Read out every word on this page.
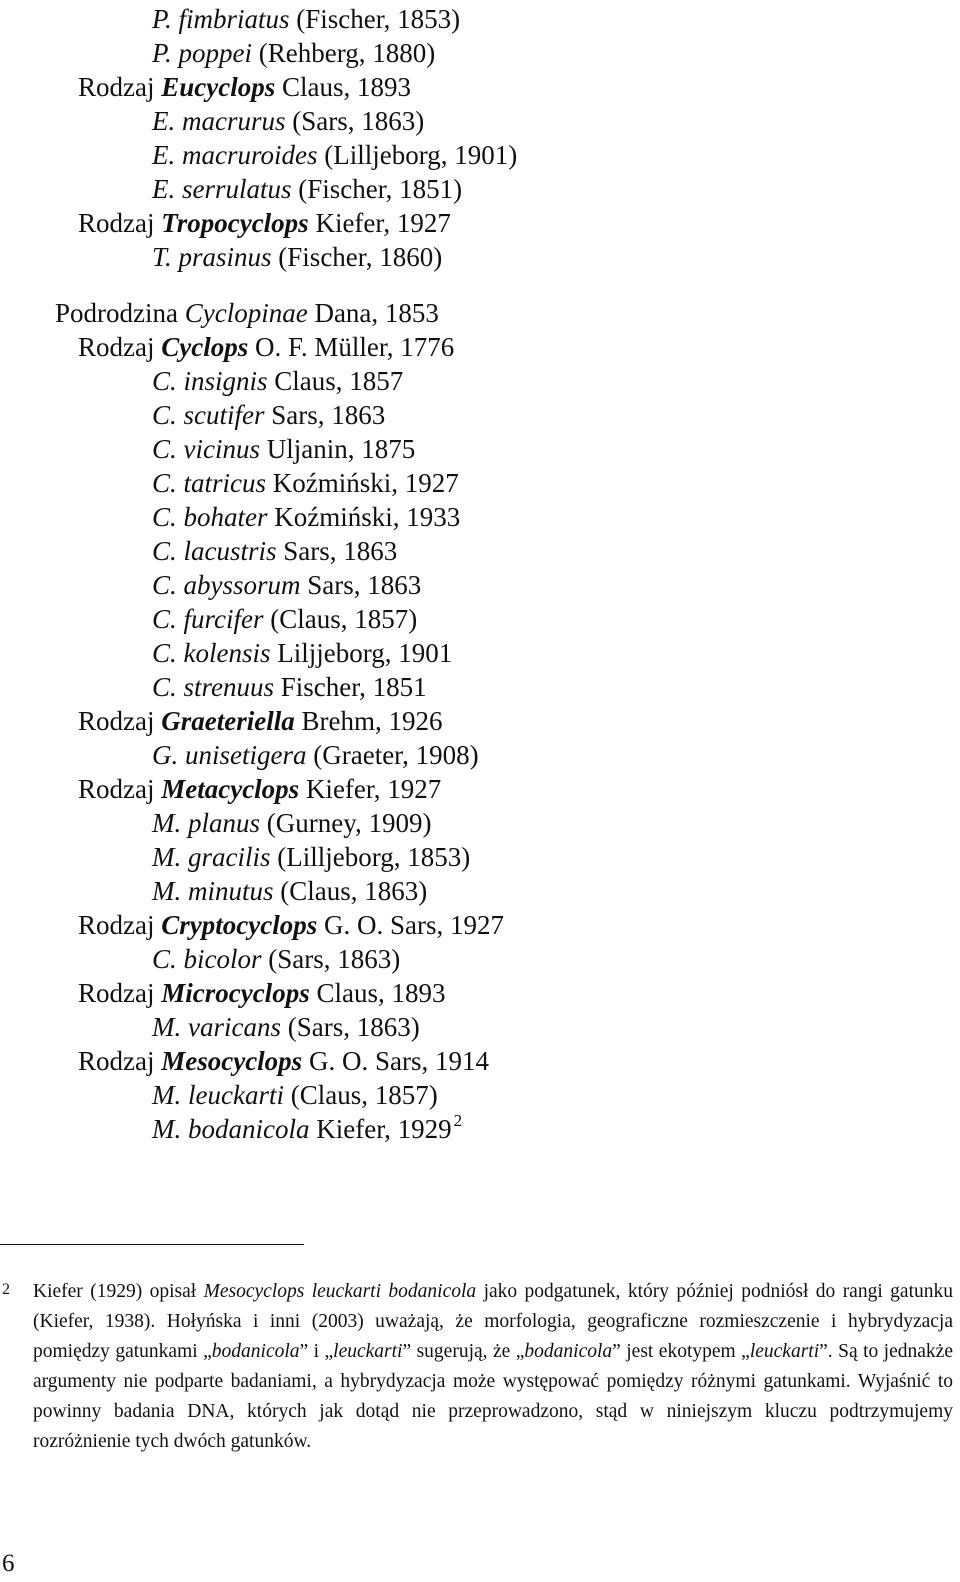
P. fimbriatus (Fischer, 1853)
P. poppei (Rehberg, 1880)
Rodzaj Eucyclops Claus, 1893
E. macrurus (Sars, 1863)
E. macruroides (Lilljeborg, 1901)
E. serrulatus (Fischer, 1851)
Rodzaj Tropocyclops Kiefer, 1927
T. prasinus (Fischer, 1860)
Podrodzina Cyclopinae Dana, 1853
Rodzaj Cyclops O. F. Müller, 1776
C. insignis Claus, 1857
C. scutifer Sars, 1863
C. vicinus Uljanin, 1875
C. tatricus Koźmiński, 1927
C. bohater Koźmiński, 1933
C. lacustris Sars, 1863
C. abyssorum Sars, 1863
C. furcifer (Claus, 1857)
C. kolensis Liljjeborg, 1901
C. strenuus Fischer, 1851
Rodzaj Graeteriella Brehm, 1926
G. unisetigera (Graeter, 1908)
Rodzaj Metacyclops Kiefer, 1927
M. planus (Gurney, 1909)
M. gracilis (Lilljeborg, 1853)
M. minutus (Claus, 1863)
Rodzaj Cryptocyclops G. O. Sars, 1927
C. bicolor (Sars, 1863)
Rodzaj Microcyclops Claus, 1893
M. varicans (Sars, 1863)
Rodzaj Mesocyclops G. O. Sars, 1914
M. leuckarti (Claus, 1857)
M. bodanicola Kiefer, 1929 $^2$
2 Kiefer (1929) opisał Mesocyclops leuckarti bodanicola jako podgatunek, który później podniósł do rangi gatunku (Kiefer, 1938). Hołyńska i inni (2003) uważają, że morfologia, geograficzne rozmieszczenie i hybrydyzacja pomiędzy gatunkami „bodanicola” i „leuckarti” sugerują, że „bodanicola” jest ekotypem „leuckarti”. Są to jednakże argumenty nie podparte badaniami, a hybrydyzacja może występować pomiędzy różnymi gatunkami. Wyjaśnić to powinny badania DNA, których jak dotąd nie przeprowadzono, stąd w niniejszym kluczu podtrzymujemy rozróżnienie tych dwóch gatunków.
6
